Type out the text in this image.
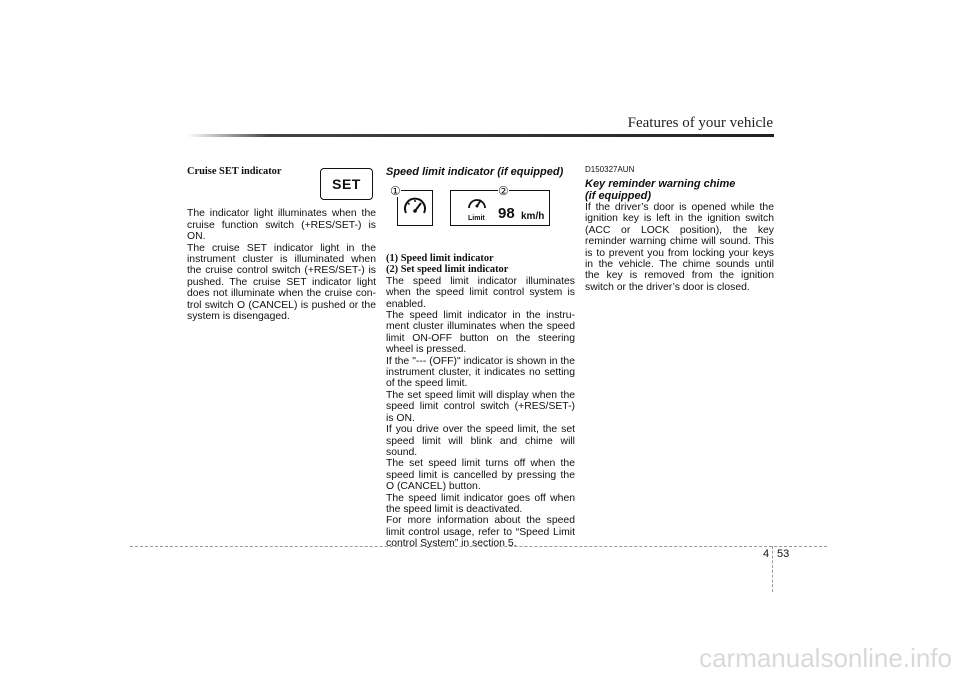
Features of your vehicle

Cruise SET indicator

The indicator light illuminates when the cruise function switch (+RES/SET-) is ON.

The cruise SET indicator light in the instrument cluster is illuminated when the cruise control switch (+RES/SET-) is pushed. The cruise SET indicator light does not illuminate when the cruise con-trol switch O (CANCEL) is pushed or the system is disengaged.

SET

Speed limit indicator (if equipped)

Limit 98 km/h
①	②

(1) Speed limit indicator

(2) Set speed limit indicator

The speed limit indicator illuminates when the speed limit control system is enabled.

The speed limit indicator in the instru-ment cluster illuminates when the speed limit ON-OFF button on the steering wheel is pressed.

If the "--- (OFF)" indicator is shown in the instrument cluster, it indicates no setting of the speed limit.

The set speed limit will display when the speed limit control switch (+RES/SET-) is ON.

If you drive over the speed limit, the set speed limit will blink and chime will sound.

The set speed limit turns off when the speed limit is cancelled by pressing the O (CANCEL) button.

The speed limit indicator goes off when the speed limit is deactivated.

For more information about the speed limit control usage, refer to “Speed Limit control System” in section 5.

D150327AUN

Key reminder warning chime

(if equipped)

If the driver’s door is opened while the ignition key is left in the ignition switch (ACC or LOCK position), the key reminder warning chime will sound. This is to prevent you from locking your keys in the vehicle. The chime sounds until the key is removed from the ignition switch or the driver’s door is closed.

4 53
carmanualsonline.info
